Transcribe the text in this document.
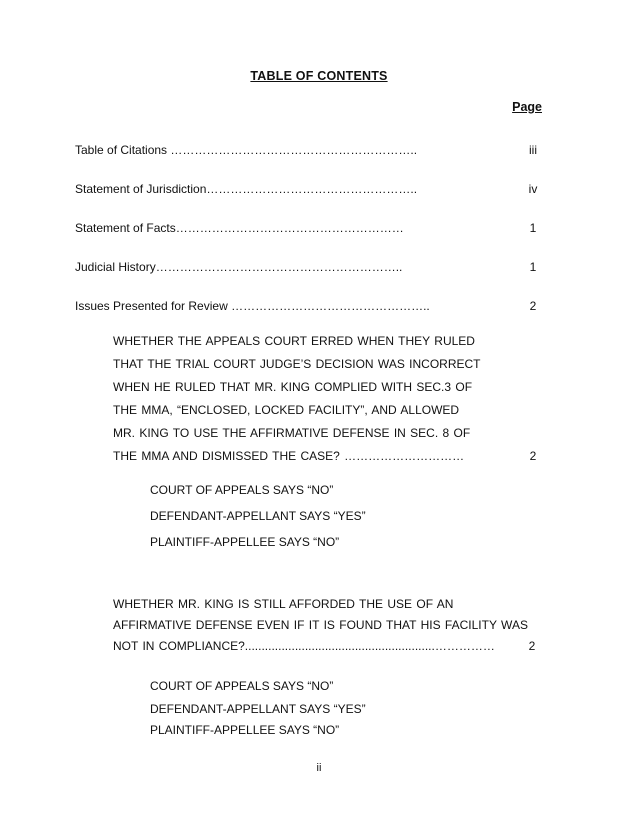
TABLE OF CONTENTS
Page
Table of Citations ……………………………………………………..	iii
Statement of Jurisdiction……………………………………………..	iv
Statement of Facts…………………………………………………	1
Judicial History……………………………………………………..	1
Issues Presented for Review …………………………………………..	2
WHETHER THE APPEALS COURT ERRED WHEN THEY RULED
THAT THE TRIAL COURT JUDGE’S DECISION WAS INCORRECT
WHEN HE RULED THAT MR. KING COMPLIED WITH SEC.3 OF
THE MMA, “ENCLOSED, LOCKED FACILITY”, AND ALLOWED
MR. KING TO USE THE AFFIRMATIVE DEFENSE IN SEC. 8 OF
THE MMA AND DISMISSED THE CASE? …………………………	2
COURT OF APPEALS SAYS “NO”
DEFENDANT-APPELLANT SAYS “YES”
PLAINTIFF-APPELLEE SAYS “NO”
WHETHER MR. KING IS STILL AFFORDED THE USE OF AN
AFFIRMATIVE DEFENSE EVEN IF IT IS FOUND THAT HIS FACILITY WAS
NOT IN COMPLIANCE?.........................................................……………	2
COURT OF APPEALS SAYS “NO”
DEFENDANT-APPELLANT SAYS “YES”
PLAINTIFF-APPELLEE SAYS “NO”
ii
